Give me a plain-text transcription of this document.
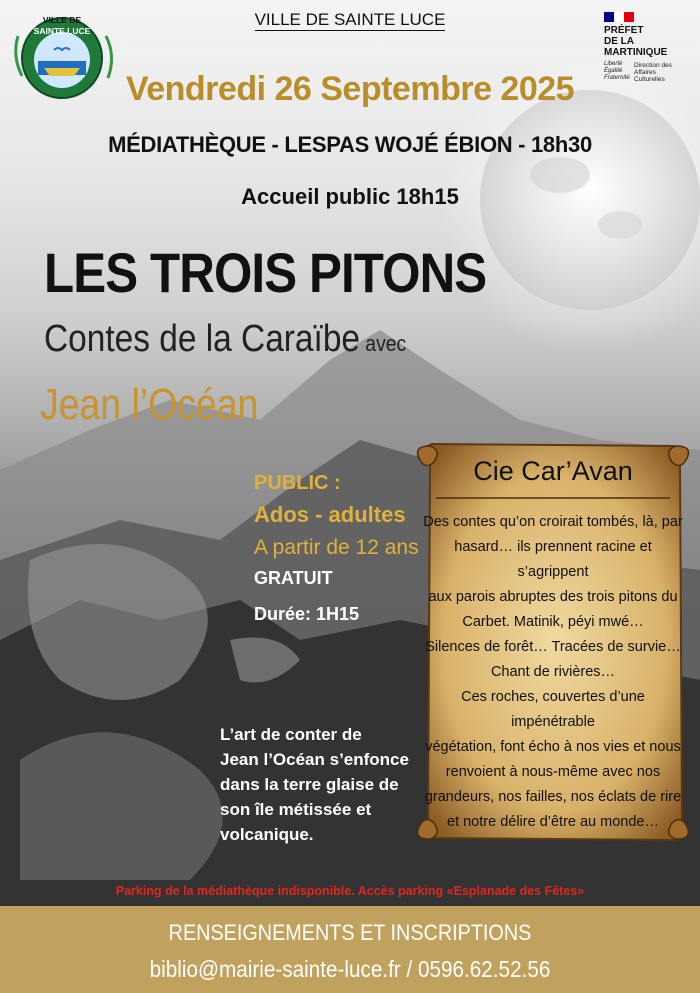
VILLE DE
SAINTE LUCE
VILLE DE SAINTE LUCE
PRÉFET
DE LA
MARTINIQUE
Liberté
Égalité
Fraternité
Direction des
Affaires
Culturelles
Vendredi 26 Septembre 2025
MÉDIATHÈQUE - LESPAS WOJÉ ÉBION - 18h30
Accueil public 18h15
LES TROIS PITONS
Contes de la Caraïbe avec
Jean l’Océan
PUBLIC :
Ados - adultes
A partir de 12 ans
GRATUIT
Durée: 1H15
L’art de conter de
Jean l’Océan s’enfonce
dans la terre glaise de
son île métissée et
volcanique.
Cie Car’Avan
Des contes qu’on croirait tombés, là, par
hasard… ils prennent racine et s’agrippent
aux parois abruptes des trois pitons du
Carbet. Matinik, péyi mwé…
Silences de forêt… Tracées de survie…
Chant de rivières…
Ces roches, couvertes d’une impénétrable
végétation, font écho à nos vies et nous
renvoient à nous-même avec nos
grandeurs, nos failles, nos éclats de rire
et notre délire d’être au monde…
Parking de la médiathèque indisponible. Accès parking «Esplanade des Fêtes»
RENSEIGNEMENTS ET INSCRIPTIONS
biblio@mairie-sainte-luce.fr / 0596.62.52.56
